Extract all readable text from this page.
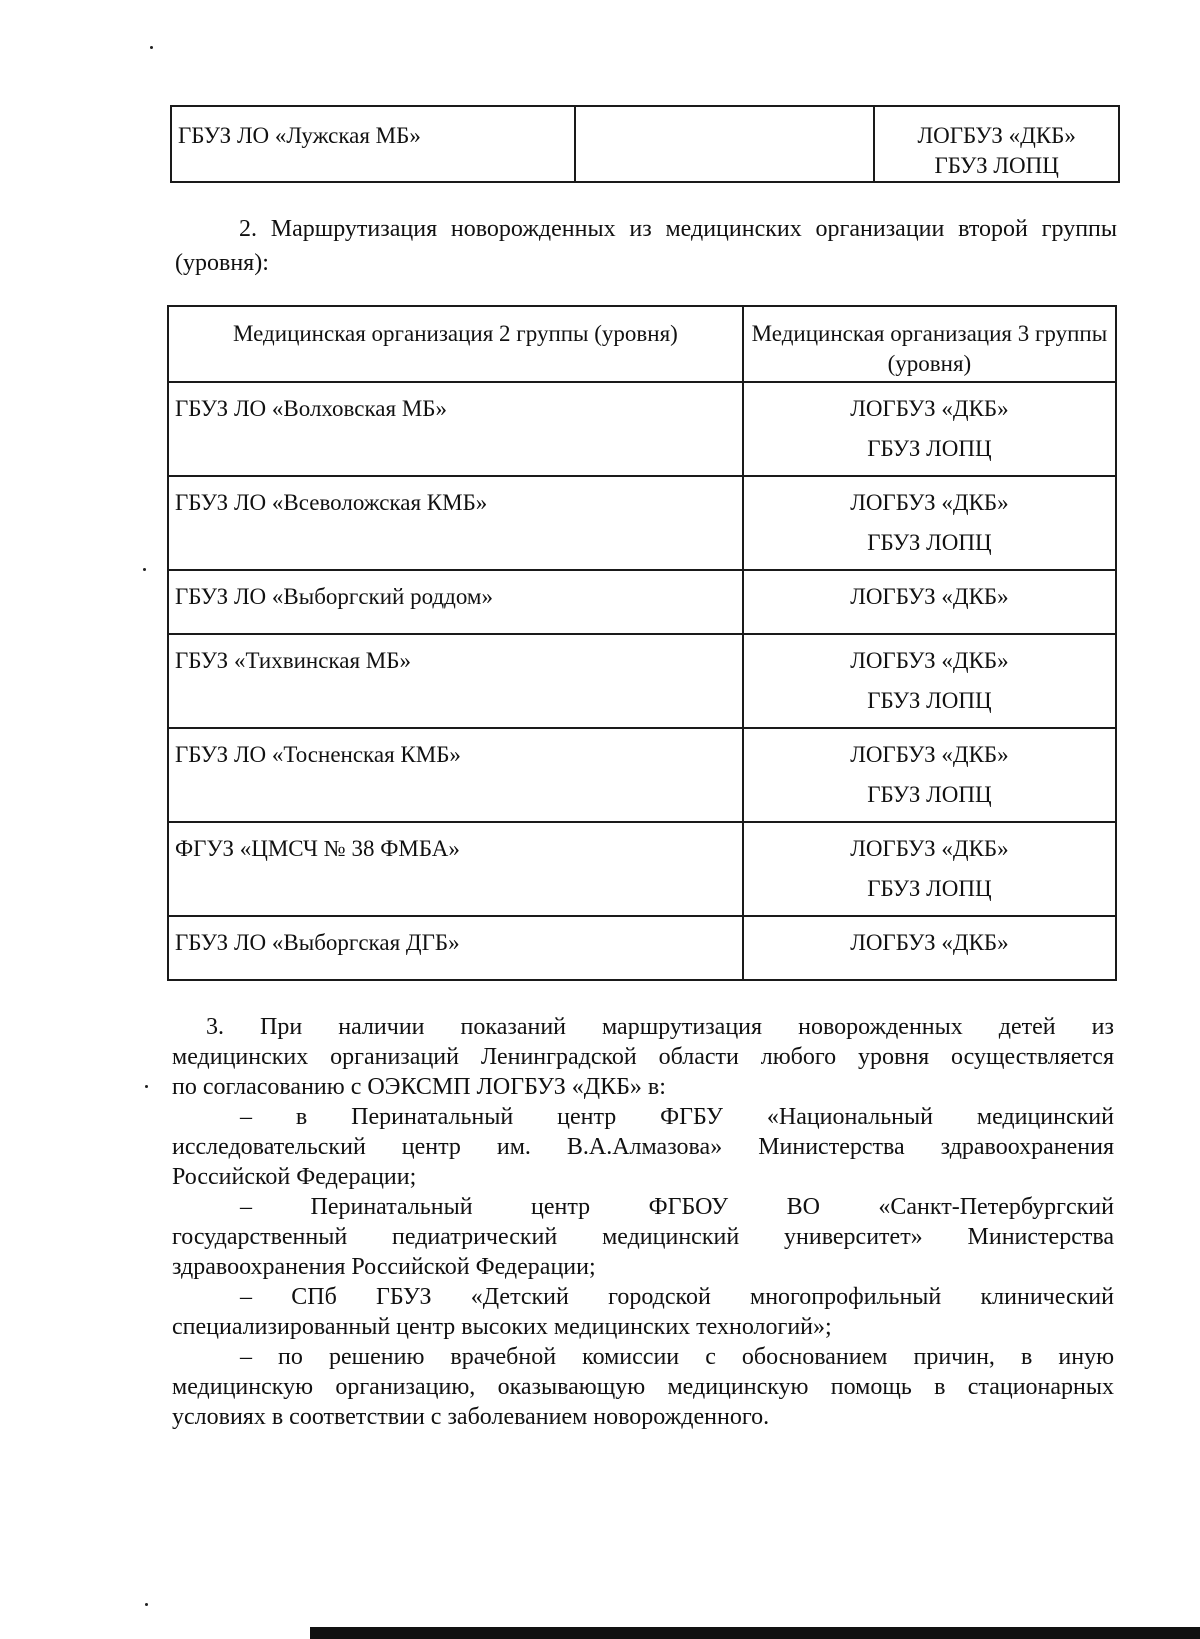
ГБУЗ ЛО «Лужская МБ»		ЛОГБУЗ «ДКБ»
ГБУЗ ЛОПЦ

2. Маршрутизация новорожденных из медицинских организации второй группы (уровня):

Медицинская организация 2 группы (уровня)	Медицинская организация 3 группы (уровня)
ГБУЗ ЛО «Волховская МБ»	ЛОГБУЗ «ДКБ»
ГБУЗ ЛОПЦ

ГБУЗ ЛО «Всеволожская КМБ»	ЛОГБУЗ «ДКБ»
ГБУЗ ЛОПЦ

ГБУЗ ЛО «Выборгский роддом»	ЛОГБУЗ «ДКБ»

ГБУЗ «Тихвинская МБ»	ЛОГБУЗ «ДКБ»
ГБУЗ ЛОПЦ

ГБУЗ ЛО «Тосненская КМБ»	ЛОГБУЗ «ДКБ»
ГБУЗ ЛОПЦ

ФГУЗ «ЦМСЧ № 38 ФМБА»	ЛОГБУЗ «ДКБ»
ГБУЗ ЛОПЦ

ГБУЗ ЛО «Выборгская ДГБ»	ЛОГБУЗ «ДКБ»

3. При наличии показаний маршрутизация новорожденных детей из
медицинских организаций Ленинградской области любого уровня осуществляется
по согласованию с ОЭКСМП ЛОГБУЗ «ДКБ» в:
– в Перинатальный центр ФГБУ «Национальный медицинский
исследовательский центр им. В.А.Алмазова» Министерства здравоохранения
Российской Федерации;
– Перинатальный центр ФГБОУ ВО «Санкт-Петербургский
государственный педиатрический медицинский университет» Министерства
здравоохранения Российской Федерации;
– СПб ГБУЗ «Детский городской многопрофильный клинический
специализированный центр высоких медицинских технологий»;
– по решению врачебной комиссии с обоснованием причин, в иную
медицинскую организацию, оказывающую медицинскую помощь в стационарных
условиях в соответствии с заболеванием новорожденного.
